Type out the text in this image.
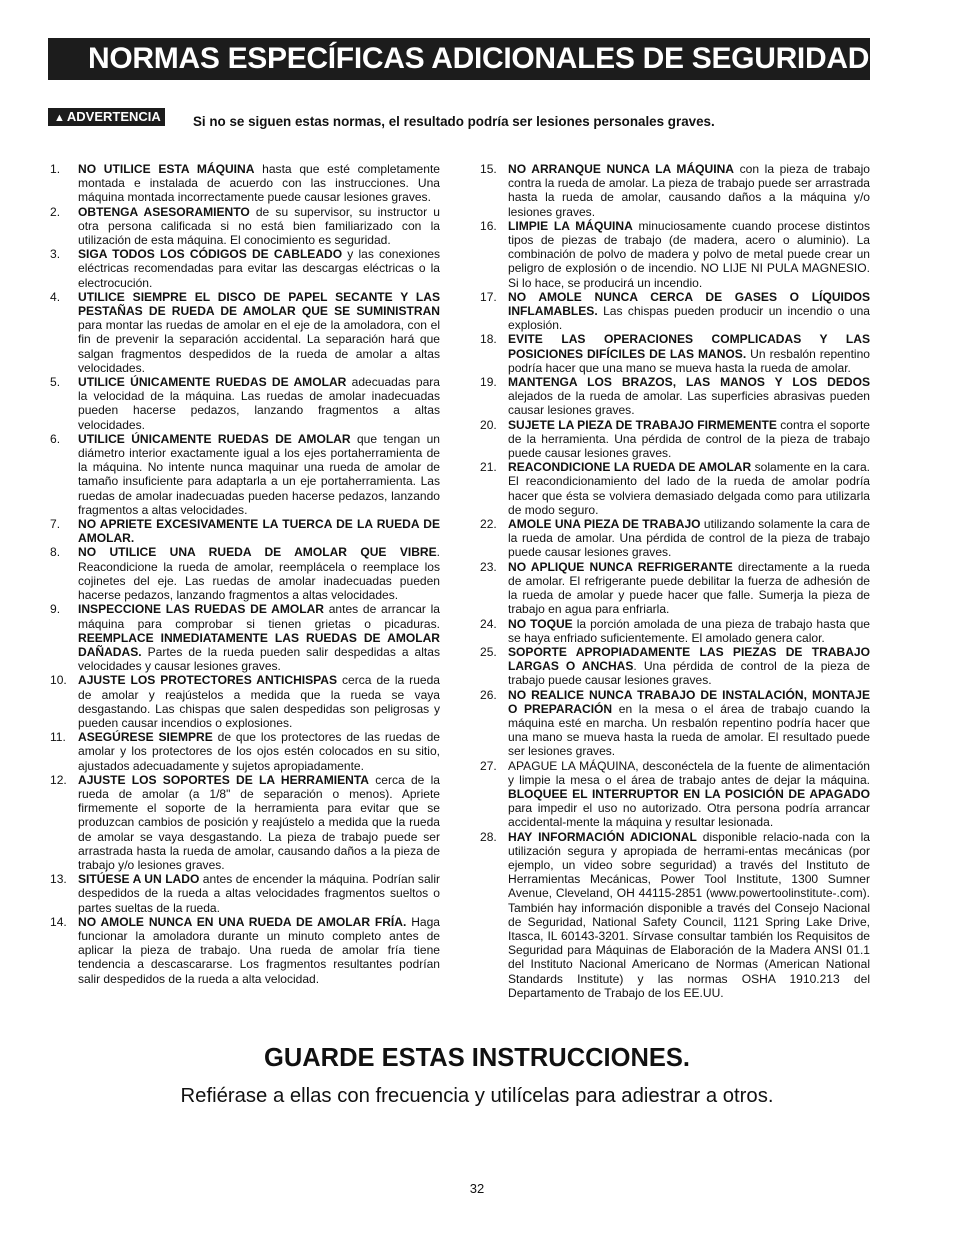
NORMAS ESPECÍFICAS ADICIONALES DE SEGURIDAD
▲ ADVERTENCIA Si no se siguen estas normas, el resultado podría ser lesiones personales graves.
1.	NO UTILICE ESTA MÁQUINA hasta que esté completamente montada e instalada de acuerdo con las instrucciones. Una máquina montada incorrectamente puede causar lesiones graves.
2.	OBTENGA ASESORAMIENTO de su supervisor, su instructor u otra persona calificada si no está bien familiarizado con la utilización de esta máquina. El conocimiento es seguridad.
3.	SIGA TODOS LOS CÓDIGOS DE CABLEADO y las conexiones eléctricas recomendadas para evitar las descargas eléctricas o la electrocución.
4.	UTILICE SIEMPRE EL DISCO DE PAPEL SECANTE Y LAS PESTAÑAS DE RUEDA DE AMOLAR QUE SE SUMINISTRAN para montar las ruedas de amolar en el eje de la amoladora, con el fin de prevenir la separación accidental. La separación hará que salgan fragmentos despedidos de la rueda de amolar a altas velocidades.
5.	UTILICE ÚNICAMENTE RUEDAS DE AMOLAR adecuadas para la velocidad de la máquina. Las ruedas de amolar inadecuadas pueden hacerse pedazos, lanzando fragmentos a altas velocidades.
6.	UTILICE ÚNICAMENTE RUEDAS DE AMOLAR que tengan un diámetro interior exactamente igual a los ejes portaherramienta de la máquina. No intente nunca maquinar una rueda de amolar de tamaño insuficiente para adaptarla a un eje portaherramienta. Las ruedas de amolar inadecuadas pueden hacerse pedazos, lanzando fragmentos a altas velocidades.
7.	NO APRIETE EXCESIVAMENTE LA TUERCA DE LA RUEDA DE AMOLAR.
8.	NO UTILICE UNA RUEDA DE AMOLAR QUE VIBRE. Reacondicione la rueda de amolar, reemplácela o reemplace los cojinetes del eje. Las ruedas de amolar inadecuadas pueden hacerse pedazos, lanzando fragmentos a altas velocidades.
9.	INSPECCIONE LAS RUEDAS DE AMOLAR antes de arrancar la máquina para comprobar si tienen grietas o picaduras. REEMPLACE INMEDIATAMENTE LAS RUEDAS DE AMOLAR DAÑADAS. Partes de la rueda pueden salir despedidas a altas velocidades y causar lesiones graves.
10. AJUSTE LOS PROTECTORES ANTICHISPAS cerca de la rueda de amolar y reajústelos a medida que la rueda se vaya desgastando. Las chispas que salen despedidas son peligrosas y pueden causar incendios o explosiones.
11.	ASEGÚRESE SIEMPRE de que los protectores de las ruedas de amolar y los protectores de los ojos estén colocados en su sitio, ajustados adecuadamente y sujetos apropiadamente.
12. AJUSTE LOS SOPORTES DE LA HERRAMIENTA cerca de la rueda de amolar (a 1/8" de separación o menos). Apriete firmemente el soporte de la herramienta para evitar que se produzcan cambios de posición y reajústelo a medida que la rueda de amolar se vaya desgastando. La pieza de trabajo puede ser arrastrada hasta la rueda de amolar, causando daños a la pieza de trabajo y/o lesiones graves.
13. SITÚESE A UN LADO antes de encender la máquina. Podrían salir despedidos de la rueda a altas velocidades fragmentos sueltos o partes sueltas de la rueda.
14. NO AMOLE NUNCA EN UNA RUEDA DE AMOLAR FRÍA. Haga funcionar la amoladora durante un minuto completo antes de aplicar la pieza de trabajo. Una rueda de amolar fría tiene tendencia a descascararse. Los fragmentos resultantes podrían salir despedidos de la rueda a alta velocidad.
15. NO ARRANQUE NUNCA LA MÁQUINA con la pieza de trabajo contra la rueda de amolar. La pieza de trabajo puede ser arrastrada hasta la rueda de amolar, causando daños a la máquina y/o lesiones graves.
16. LIMPIE LA MÁQUINA minuciosamente cuando procese distintos tipos de piezas de trabajo (de madera, acero o aluminio). La combinación de polvo de madera y polvo de metal puede crear un peligro de explosión o de incendio. NO LIJE NI PULA MAGNESIO. Si lo hace, se producirá un incendio.
17. NO AMOLE NUNCA CERCA DE GASES O LÍQUIDOS INFLAMABLES. Las chispas pueden producir un incendio o una explosión.
18. EVITE LAS OPERACIONES COMPLICADAS Y LAS POSICIONES DIFÍCILES DE LAS MANOS. Un resbalón repentino podría hacer que una mano se mueva hasta la rueda de amolar.
19. MANTENGA LOS BRAZOS, LAS MANOS Y LOS DEDOS alejados de la rueda de amolar. Las superficies abrasivas pueden causar lesiones graves.
20. SUJETE LA PIEZA DE TRABAJO FIRMEMENTE contra el soporte de la herramienta. Una pérdida de control de la pieza de trabajo puede causar lesiones graves.
21. REACONDICIONE LA RUEDA DE AMOLAR solamente en la cara. El reacondicionamiento del lado de la rueda de amolar podría hacer que ésta se volviera demasiado delgada como para utilizarla de modo seguro.
22. AMOLE UNA PIEZA DE TRABAJO utilizando solamente la cara de la rueda de amolar. Una pérdida de control de la pieza de trabajo puede causar lesiones graves.
23. NO APLIQUE NUNCA REFRIGERANTE directamente a la rueda de amolar. El refrigerante puede debilitar la fuerza de adhesión de la rueda de amolar y puede hacer que falle. Sumerja la pieza de trabajo en agua para enfriarla.
24. NO TOQUE la porción amolada de una pieza de trabajo hasta que se haya enfriado suficientemente. El amolado genera calor.
25. SOPORTE APROPIADAMENTE LAS PIEZAS DE TRABAJO LARGAS O ANCHAS. Una pérdida de control de la pieza de trabajo puede causar lesiones graves.
26. NO REALICE NUNCA TRABAJO DE INSTALACIÓN, MONTAJE O PREPARACIÓN en la mesa o el área de trabajo cuando la máquina esté en marcha. Un resbalón repentino podría hacer que una mano se mueva hasta la rueda de amolar. El resultado puede ser lesiones graves.
27. APAGUE LA MÁQUINA, desconéctela de la fuente de alimentación y limpie la mesa o el área de trabajo antes de dejar la máquina. BLOQUEE EL INTERRUPTOR EN LA POSICIÓN DE APAGADO para impedir el uso no autorizado. Otra persona podría arrancar accidental-mente la máquina y resultar lesionada.
28. HAY INFORMACIÓN ADICIONAL disponible relacio-nada con la utilización segura y apropiada de herrami-entas mecánicas (por ejemplo, un video sobre seguridad) a través del Instituto de Herramientas Mecánicas, Power Tool Institute, 1300 Sumner Avenue, Cleveland, OH 44115-2851 (www.powertoolinstitute-.com). También hay información disponible a través del Consejo Nacional de Seguridad, National Safety Council, 1121 Spring Lake Drive, Itasca, IL 60143-3201. Sírvase consultar también los Requisitos de Seguridad para Máquinas de Elaboración de la Madera ANSI 01.1 del Instituto Nacional Americano de Normas (American National Standards Institute) y las normas OSHA 1910.213 del Departamento de Trabajo de los EE.UU.
GUARDE ESTAS INSTRUCCIONES.

Refiérase a ellas con frecuencia y utilícelas para adiestrar a otros.

32
